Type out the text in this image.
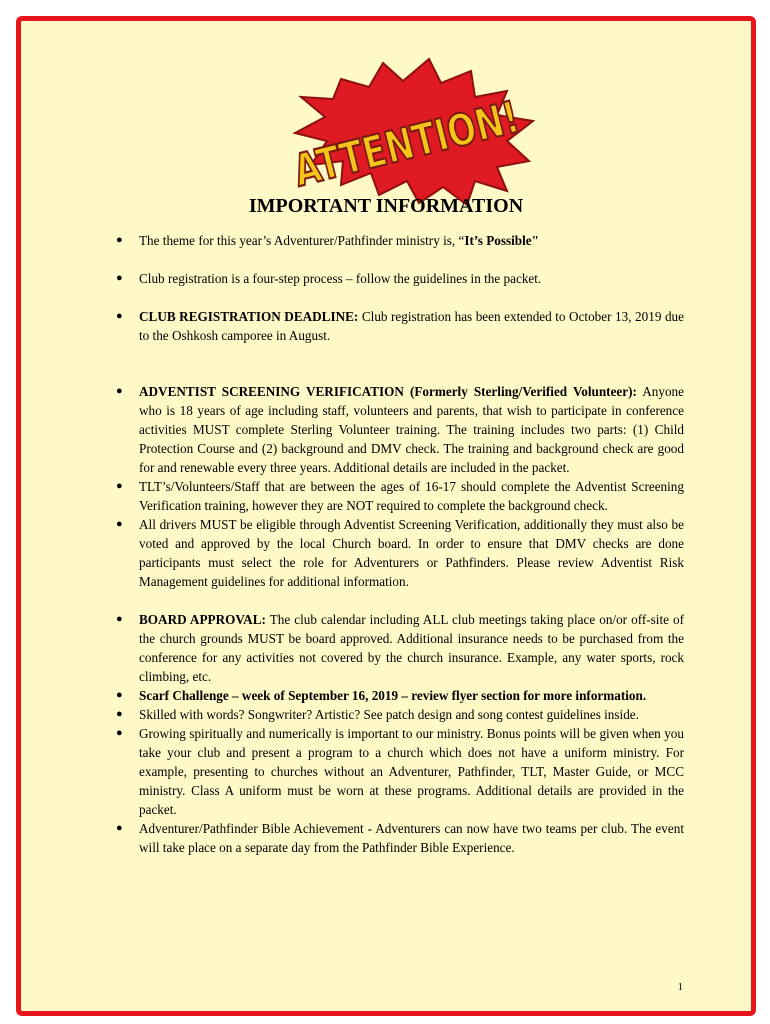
ATTENTION!
IMPORTANT INFORMATION
● The theme for this year’s Adventurer/Pathfinder ministry is, “It’s Possible"
● Club registration is a four-step process – follow the guidelines in the packet.
● CLUB REGISTRATION DEADLINE: Club registration has been extended to October 13, 2019 due to the Oshkosh camporee in August.
● ADVENTIST SCREENING VERIFICATION (Formerly Sterling/Verified Volunteer): Anyone who is 18 years of age including staff, volunteers and parents, that wish to participate in conference activities MUST complete Sterling Volunteer training. The training includes two parts: (1) Child Protection Course and (2) background and DMV check. The training and background check are good for and renewable every three years. Additional details are included in the packet.
● TLT’s/Volunteers/Staff that are between the ages of 16-17 should complete the Adventist Screening Verification training, however they are NOT required to complete the background check.
● All drivers MUST be eligible through Adventist Screening Verification, additionally they must also be voted and approved by the local Church board. In order to ensure that DMV checks are done participants must select the role for Adventurers or Pathfinders. Please review Adventist Risk Management guidelines for additional information.
● BOARD APPROVAL: The club calendar including ALL club meetings taking place on/or off-site of the church grounds MUST be board approved. Additional insurance needs to be purchased from the conference for any activities not covered by the church insurance. Example, any water sports, rock climbing, etc.
● Scarf Challenge – week of September 16, 2019 – review flyer section for more information.
● Skilled with words? Songwriter? Artistic? See patch design and song contest guidelines inside.
● Growing spiritually and numerically is important to our ministry. Bonus points will be given when you take your club and present a program to a church which does not have a uniform ministry. For example, presenting to churches without an Adventurer, Pathfinder, TLT, Master Guide, or MCC ministry. Class A uniform must be worn at these programs. Additional details are provided in the packet.
● Adventurer/Pathfinder Bible Achievement - Adventurers can now have two teams per club. The event will take place on a separate day from the Pathfinder Bible Experience.
1
